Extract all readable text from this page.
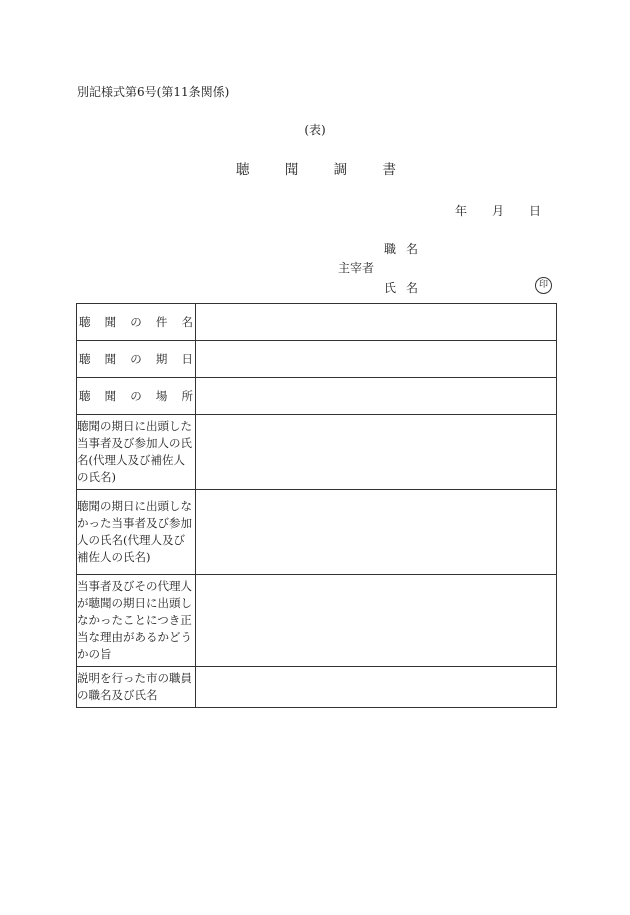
別記様式第6号(第11条関係)
(表)
聴	聞	調	書
年 月 日
職名
主宰者
氏名	印
聴 聞 の 件 名	

聴 聞 の 期 日	

聴 聞 の 場 所	

聴聞の期日に出頭した当事者及び参加人の氏名(代理人及び補佐人の氏名)	

聴聞の期日に出頭しなかった当事者及び参加人の氏名(代理人及び補佐人の氏名)	

当事者及びその代理人が聴聞の期日に出頭しなかったことにつき正当な理由があるかどうかの旨	

説明を行った市の職員の職名及び氏名	
